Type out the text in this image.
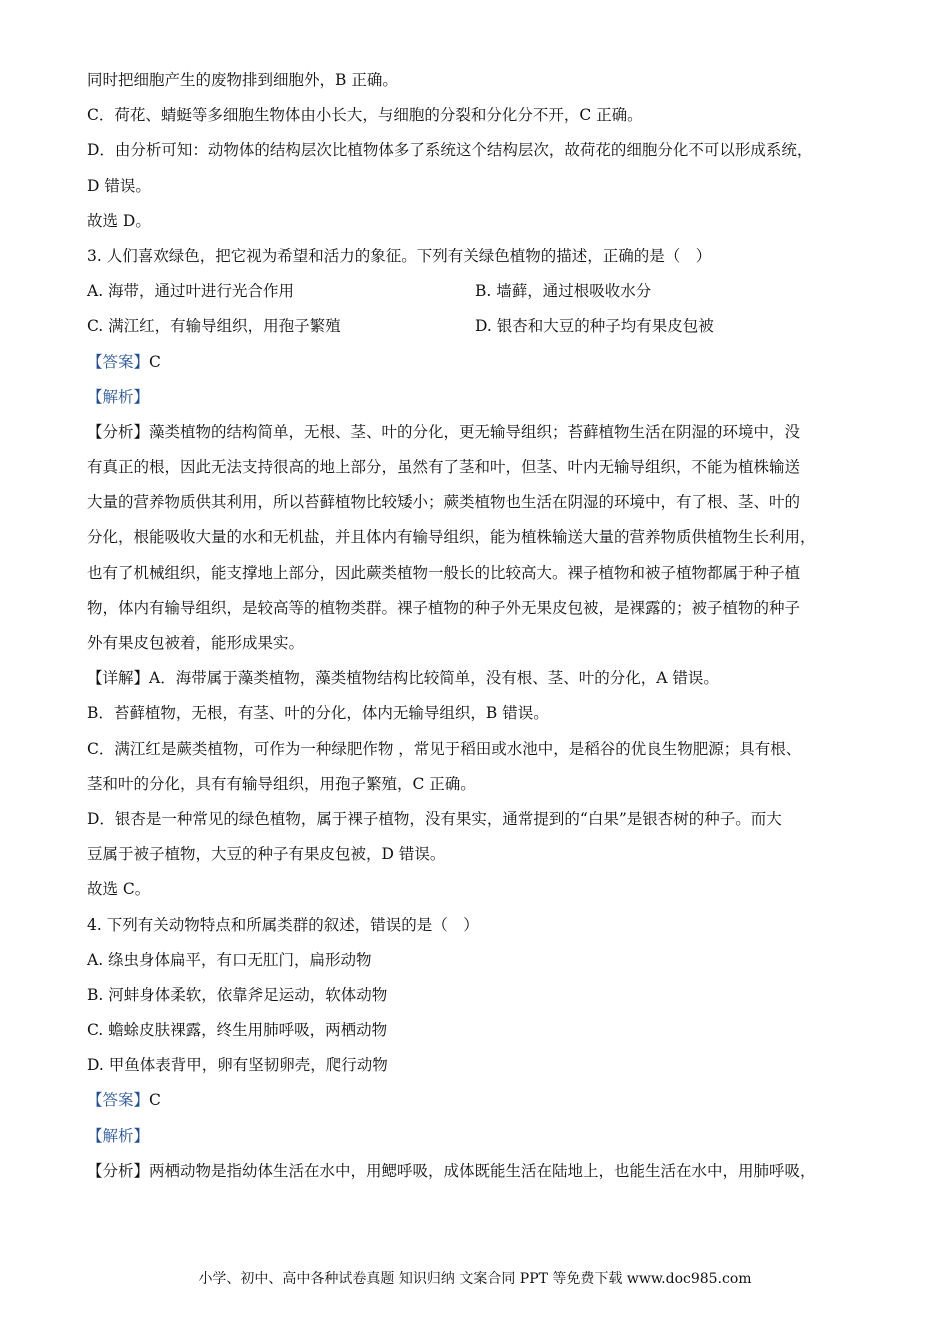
同时把细胞产生的废物排到细胞外，B 正确。
C．荷花、蜻蜓等多细胞生物体由小长大，与细胞的分裂和分化分不开，C 正确。
D．由分析可知：动物体的结构层次比植物体多了系统这个结构层次，故荷花的细胞分化不可以形成系统，
D 错误。
故选 D。
3. 人们喜欢绿色，把它视为希望和活力的象征。下列有关绿色植物的描述，正确的是（　）
A. 海带，通过叶进行光合作用	B. 墙藓，通过根吸收水分
C. 满江红，有输导组织，用孢子繁殖	D. 银杏和大豆的种子均有果皮包被
【答案】C
【解析】
【分析】藻类植物的结构简单，无根、茎、叶的分化，更无输导组织；苔藓植物生活在阴湿的环境中，没
有真正的根，因此无法支持很高的地上部分，虽然有了茎和叶，但茎、叶内无输导组织，不能为植株输送
大量的营养物质供其利用，所以苔藓植物比较矮小；蕨类植物也生活在阴湿的环境中，有了根、茎、叶的
分化，根能吸收大量的水和无机盐，并且体内有输导组织，能为植株输送大量的营养物质供植物生长利用，
也有了机械组织，能支撑地上部分，因此蕨类植物一般长的比较高大。裸子植物和被子植物都属于种子植
物，体内有输导组织，是较高等的植物类群。裸子植物的种子外无果皮包被，是裸露的；被子植物的种子
外有果皮包被着，能形成果实。
【详解】A．海带属于藻类植物，藻类植物结构比较简单，没有根、茎、叶的分化，A 错误。
B．苔藓植物，无根，有茎、叶的分化，体内无输导组织，B 错误。
C．满江红是蕨类植物，可作为一种绿肥作物 ，常见于稻田或水池中，是稻谷的优良生物肥源；具有根、
茎和叶的分化，具有有输导组织，用孢子繁殖，C 正确。
D．银杏是一种常见的绿色植物，属于裸子植物，没有果实，通常提到的“白果”是银杏树的种子。而大
豆属于被子植物，大豆的种子有果皮包被，D 错误。
故选 C。
4. 下列有关动物特点和所属类群的叙述，错误的是（　）
A. 绦虫身体扁平，有口无肛门，扁形动物
B. 河蚌身体柔软，依靠斧足运动，软体动物
C. 蟾蜍皮肤裸露，终生用肺呼吸，两栖动物
D. 甲鱼体表背甲，卵有坚韧卵壳，爬行动物
【答案】C
【解析】
【分析】两栖动物是指幼体生活在水中，用鳃呼吸，成体既能生活在陆地上，也能生活在水中，用肺呼吸，
小学、初中、高中各种试卷真题 知识归纳 文案合同 PPT 等免费下载 www.doc985.com
